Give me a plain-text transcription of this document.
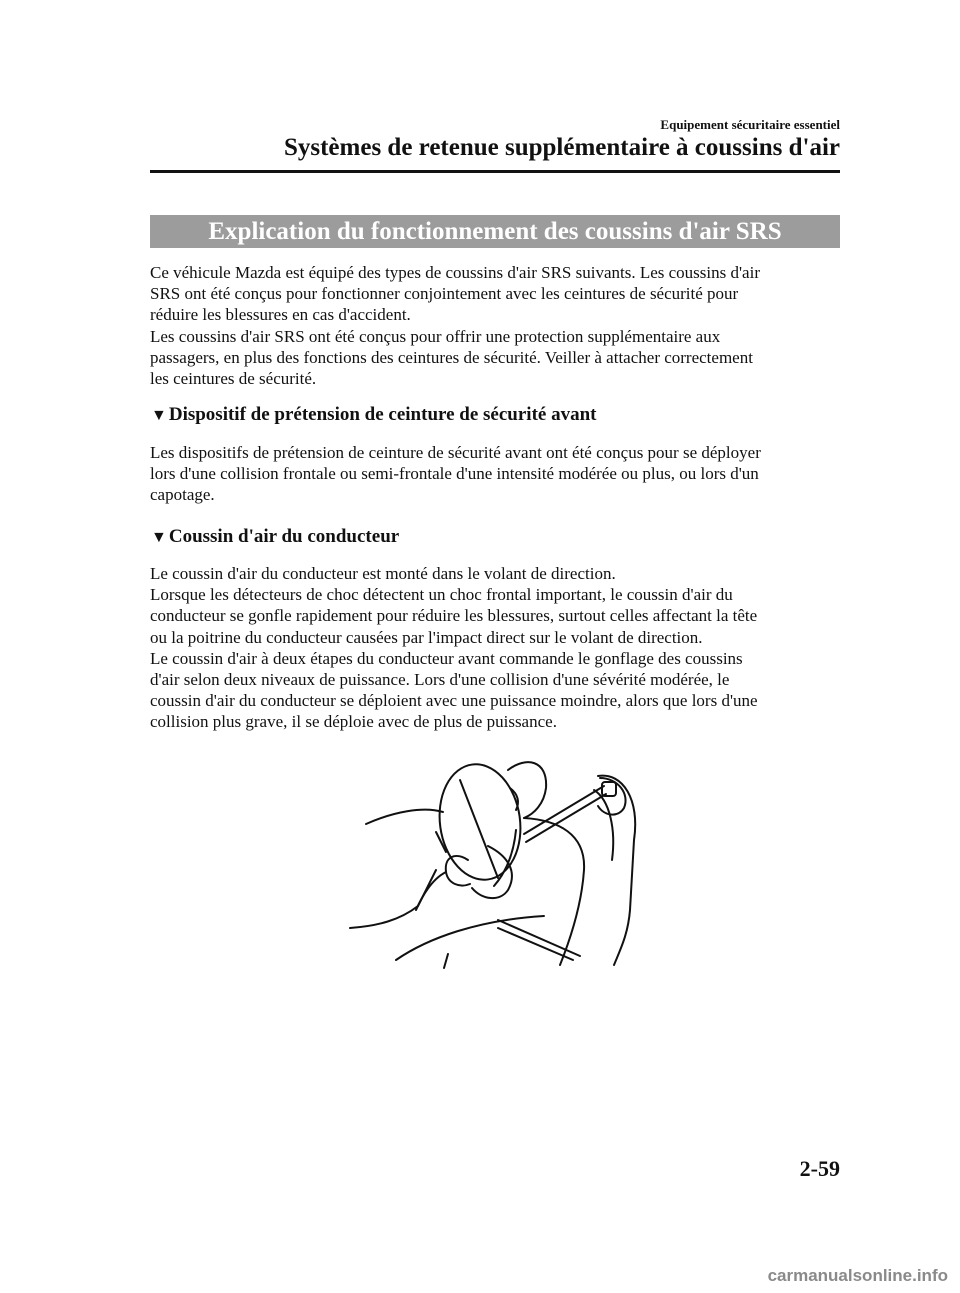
Equipement sécuritaire essentiel
Systèmes de retenue supplémentaire à coussins d'air
Explication du fonctionnement des coussins d'air SRS

Ce véhicule Mazda est équipé des types de coussins d'air SRS suivants. Les coussins d'air
SRS ont été conçus pour fonctionner conjointement avec les ceintures de sécurité pour
réduire les blessures en cas d'accident.
Les coussins d'air SRS ont été conçus pour offrir une protection supplémentaire aux
passagers, en plus des fonctions des ceintures de sécurité. Veiller à attacher correctement
les ceintures de sécurité.

▼ Dispositif de prétension de ceinture de sécurité avant

Les dispositifs de prétension de ceinture de sécurité avant ont été conçus pour se déployer
lors d'une collision frontale ou semi-frontale d'une intensité modérée ou plus, ou lors d'un
capotage.

▼ Coussin d'air du conducteur

Le coussin d'air du conducteur est monté dans le volant de direction.
Lorsque les détecteurs de choc détectent un choc frontal important, le coussin d'air du
conducteur se gonfle rapidement pour réduire les blessures, surtout celles affectant la tête
ou la poitrine du conducteur causées par l'impact direct sur le volant de direction.
Le coussin d'air à deux étapes du conducteur avant commande le gonflage des coussins
d'air selon deux niveaux de puissance. Lors d'une collision d'une sévérité modérée, le
coussin d'air du conducteur se déploient avec une puissance moindre, alors que lors d'une
collision plus grave, il se déploie avec de plus de puissance.

2-59
carmanualsonline.info
